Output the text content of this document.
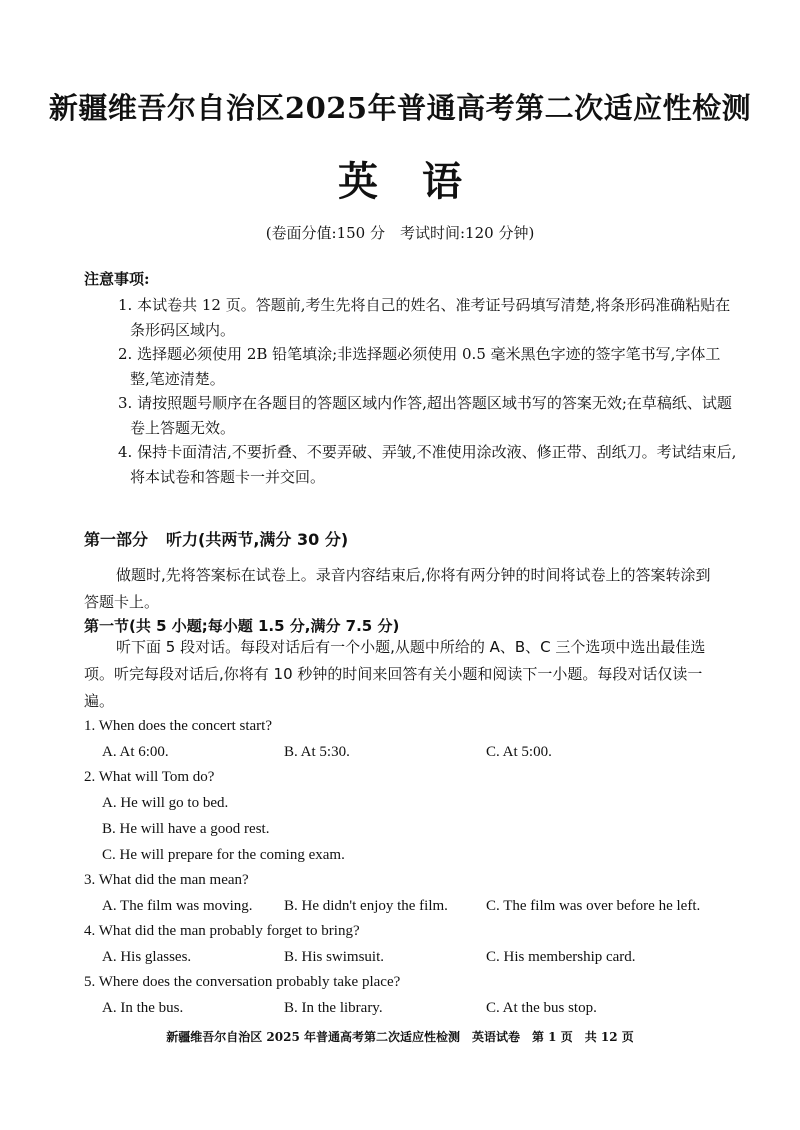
新疆维吾尔自治区2025年普通高考第二次适应性检测
英 语
(卷面分值:150 分　考试时间:120 分钟)
注意事项:
1. 本试卷共 12 页。答题前,考生先将自己的姓名、准考证号码填写清楚,将条形码准确粘贴在条形码区域内。
2. 选择题必须使用 2B 铅笔填涂;非选择题必须使用 0.5 毫米黑色字迹的签字笔书写,字体工整,笔迹清楚。
3. 请按照题号顺序在各题目的答题区域内作答,超出答题区域书写的答案无效;在草稿纸、试题卷上答题无效。
4. 保持卡面清洁,不要折叠、不要弄破、弄皱,不准使用涂改液、修正带、刮纸刀。考试结束后,将本试卷和答题卡一并交回。
第一部分 听力(共两节,满分 30 分)
做题时,先将答案标在试卷上。录音内容结束后,你将有两分钟的时间将试卷上的答案转涂到答题卡上。
第一节(共 5 小题;每小题 1.5 分,满分 7.5 分)
听下面 5 段对话。每段对话后有一个小题,从题中所给的 A、B、C 三个选项中选出最佳选项。听完每段对话后,你将有 10 秒钟的时间来回答有关小题和阅读下一小题。每段对话仅读一遍。
1. When does the concert start?
A. At 6:00.	B. At 5:30.	C. At 5:00.
2. What will Tom do?
A. He will go to bed.
B. He will have a good rest.
C. He will prepare for the coming exam.
3. What did the man mean?
A. The film was moving. B. He didn't enjoy the film.	C. The film was over before he left.
4. What did the man probably forget to bring?
A. His glasses.	B. His swimsuit.	C. His membership card.
5. Where does the conversation probably take place?
A. In the bus.	B. In the library.	C. At the bus stop.
新疆维吾尔自治区 2025 年普通高考第二次适应性检测　英语试卷　第 1 页　共 12 页
